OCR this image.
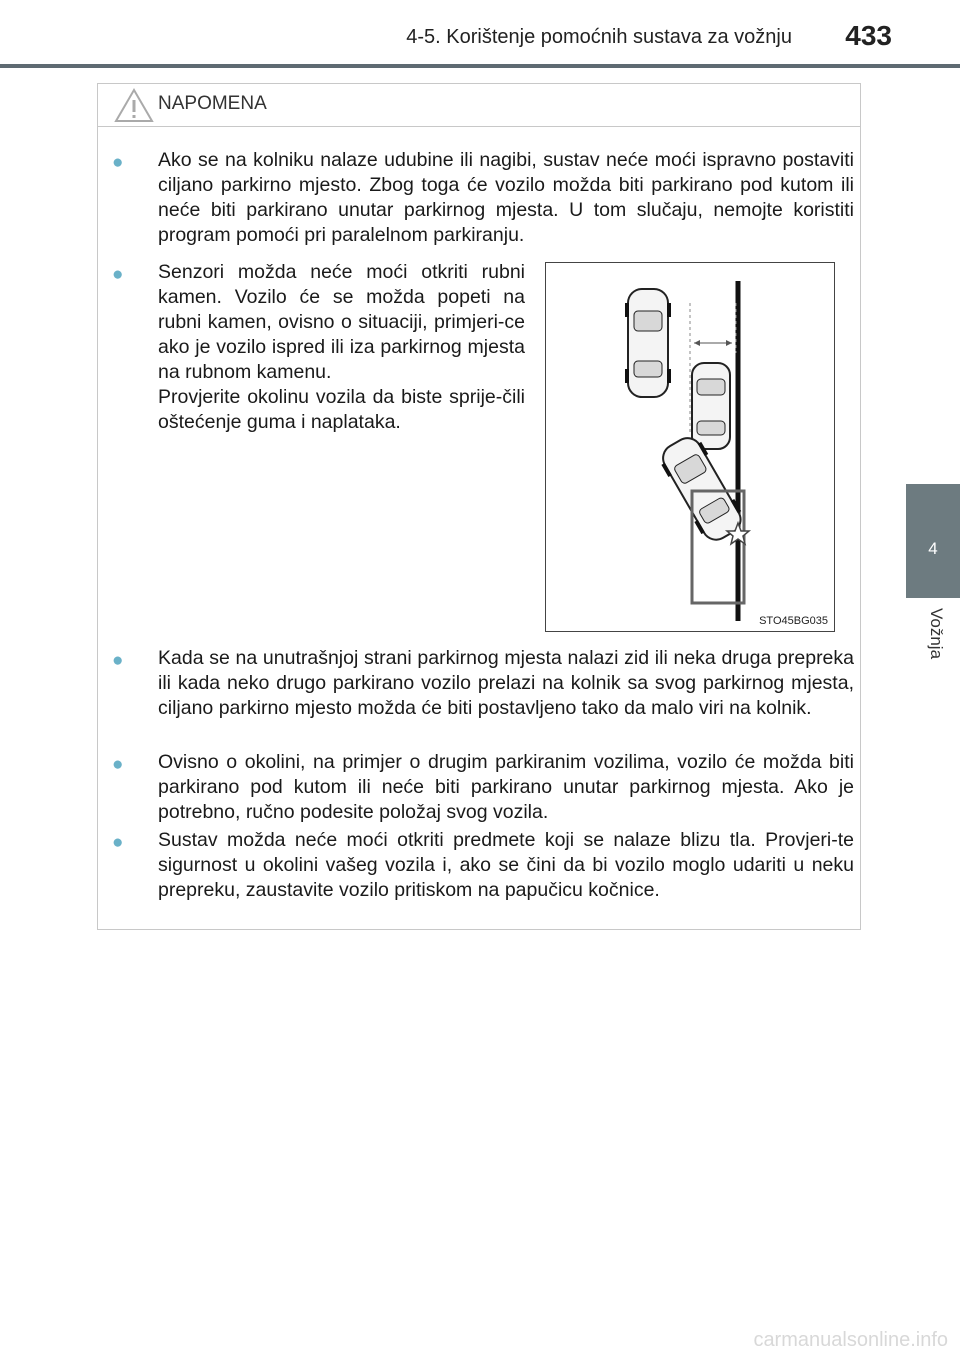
4-5. Korištenje pomoćnih sustava za vožnju 433
4
Vožnja
NAPOMENA
● Ako se na kolniku nalaze udubine ili nagibi, sustav neće moći ispravno postaviti ciljano parkirno mjesto. Zbog toga će vozilo možda biti parkirano pod kutom ili neće biti parkirano unutar parkirnog mjesta. U tom slučaju, nemojte koristiti program pomoći pri paralelnom parkiranju.
● Senzori možda neće moći otkriti rubni kamen. Vozilo će se možda popeti na rubni kamen, ovisno o situaciji, primjeri-ce ako je vozilo ispred ili iza parkirnog mjesta na rubnom kamenu.
Provjerite okolinu vozila da biste sprije-čili oštećenje guma i naplataka.
● Kada se na unutrašnjoj strani parkirnog mjesta nalazi zid ili neka druga prepreka ili kada neko drugo parkirano vozilo prelazi na kolnik sa svog parkirnog mjesta, ciljano parkirno mjesto možda će biti postavljeno tako da malo viri na kolnik.
● Ovisno o okolini, na primjer o drugim parkiranim vozilima, vozilo će možda biti parkirano pod kutom ili neće biti parkirano unutar parkirnog mjesta. Ako je potrebno, ručno podesite položaj svog vozila.
● Sustav možda neće moći otkriti predmete koji se nalaze blizu tla. Provjeri-te sigurnost u okolini vašeg vozila i, ako se čini da bi vozilo moglo udariti u neku prepreku, zaustavite vozilo pritiskom na papučicu kočnice.
STO45BG035
carmanualsonline.info
